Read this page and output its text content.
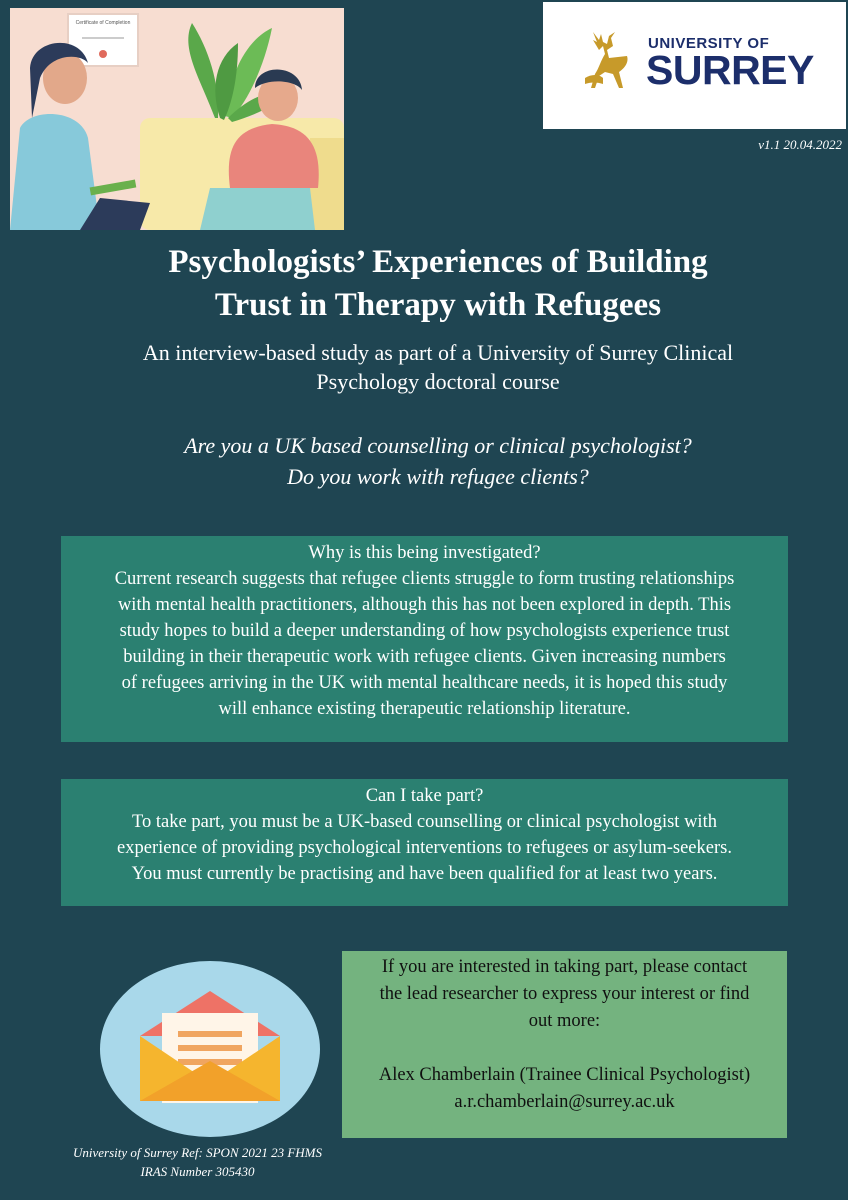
Certificate of Completion
UNIVERSITY OF
SURREY
v1.1 20.04.2022
Psychologists’ Experiences of Building
Trust in Therapy with Refugees
An interview-based study as part of a University of Surrey Clinical
Psychology doctoral course
Are you a UK based counselling or clinical psychologist?
Do you work with refugee clients?
Why is this being investigated?
Current research suggests that refugee clients struggle to form trusting relationships
with mental health practitioners, although this has not been explored in depth. This
study hopes to build a deeper understanding of how psychologists experience trust
building in their therapeutic work with refugee clients. Given increasing numbers
of refugees arriving in the UK with mental healthcare needs, it is hoped this study
will enhance existing therapeutic relationship literature.
Can I take part?
To take part, you must be a UK-based counselling or clinical psychologist with
experience of providing psychological interventions to refugees or asylum-seekers.
You must currently be practising and have been qualified for at least two years.
University of Surrey Ref: SPON 2021 23 FHMS
IRAS Number 305430
If you are interested in taking part, please contact
the lead researcher to express your interest or find
out more:
Alex Chamberlain (Trainee Clinical Psychologist)
a.r.chamberlain@surrey.ac.uk
